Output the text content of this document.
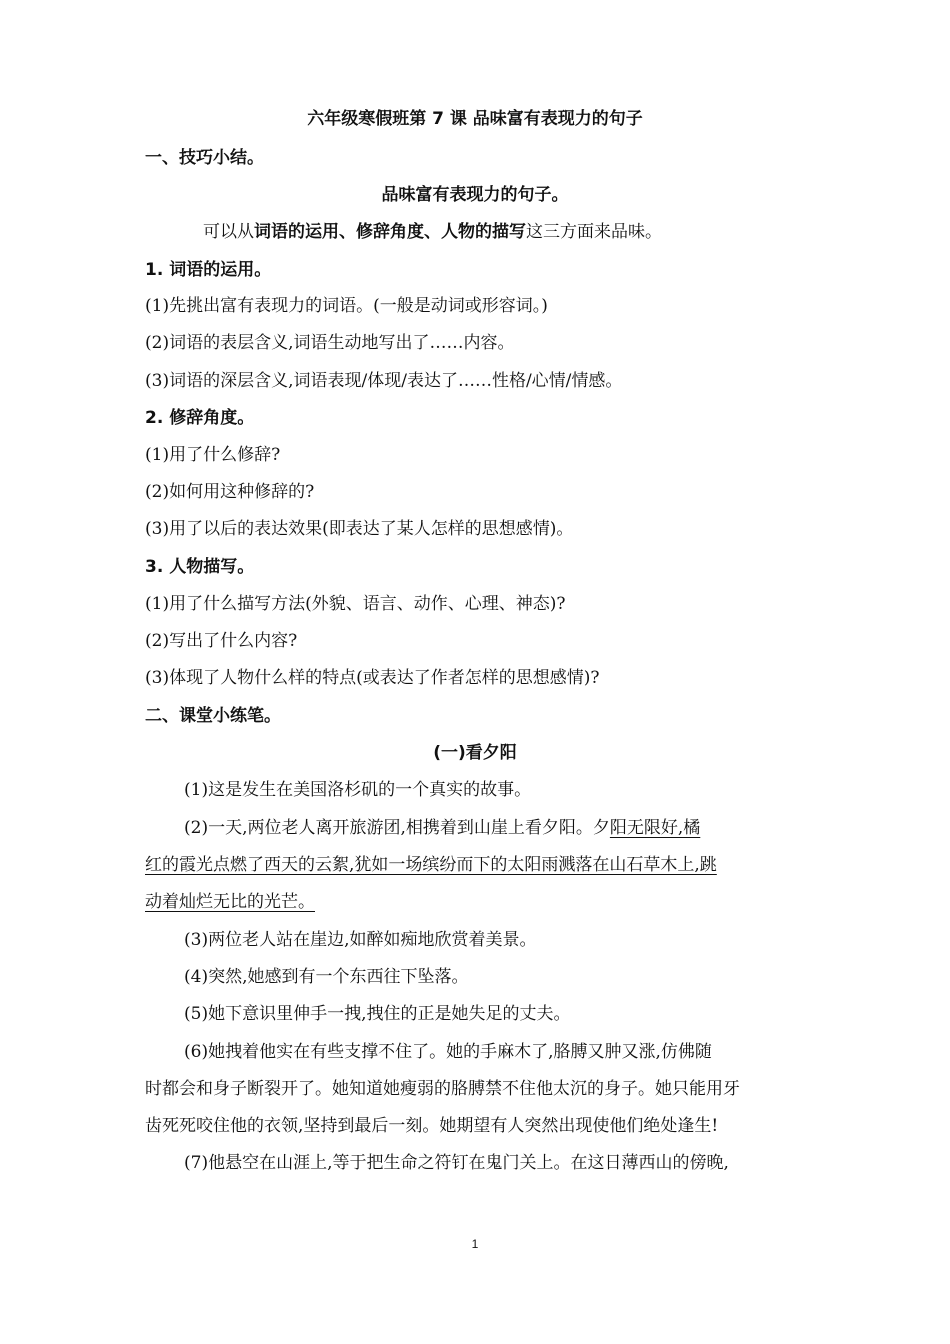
六年级寒假班第 7 课 品味富有表现力的句子
一、技巧小结。
品味富有表现力的句子。
可以从词语的运用、修辞角度、人物的描写这三方面来品味。
1. 词语的运用。
(1)先挑出富有表现力的词语。(一般是动词或形容词。)
(2)词语的表层含义,词语生动地写出了……内容。
(3)词语的深层含义,词语表现/体现/表达了……性格/心情/情感。
2. 修辞角度。
(1)用了什么修辞?
(2)如何用这种修辞的?
(3)用了以后的表达效果(即表达了某人怎样的思想感情)。
3. 人物描写。
(1)用了什么描写方法(外貌、语言、动作、心理、神态)?
(2)写出了什么内容?
(3)体现了人物什么样的特点(或表达了作者怎样的思想感情)?
二、课堂小练笔。
(一)看夕阳
(1)这是发生在美国洛杉矶的一个真实的故事。
(2)一天,两位老人离开旅游团,相携着到山崖上看夕阳。夕阳无限好,橘
红的霞光点燃了西天的云絮,犹如一场缤纷而下的太阳雨溅落在山石草木上,跳
动着灿烂无比的光芒。
(3)两位老人站在崖边,如醉如痴地欣赏着美景。
(4)突然,她感到有一个东西往下坠落。
(5)她下意识里伸手一拽,拽住的正是她失足的丈夫。
(6)她拽着他实在有些支撑不住了。她的手麻木了,胳膊又肿又涨,仿佛随
时都会和身子断裂开了。她知道她瘦弱的胳膊禁不住他太沉的身子。她只能用牙
齿死死咬住他的衣领,坚持到最后一刻。她期望有人突然出现使他们绝处逢生!
(7)他悬空在山涯上,等于把生命之符钉在鬼门关上。在这日薄西山的傍晚,
1
